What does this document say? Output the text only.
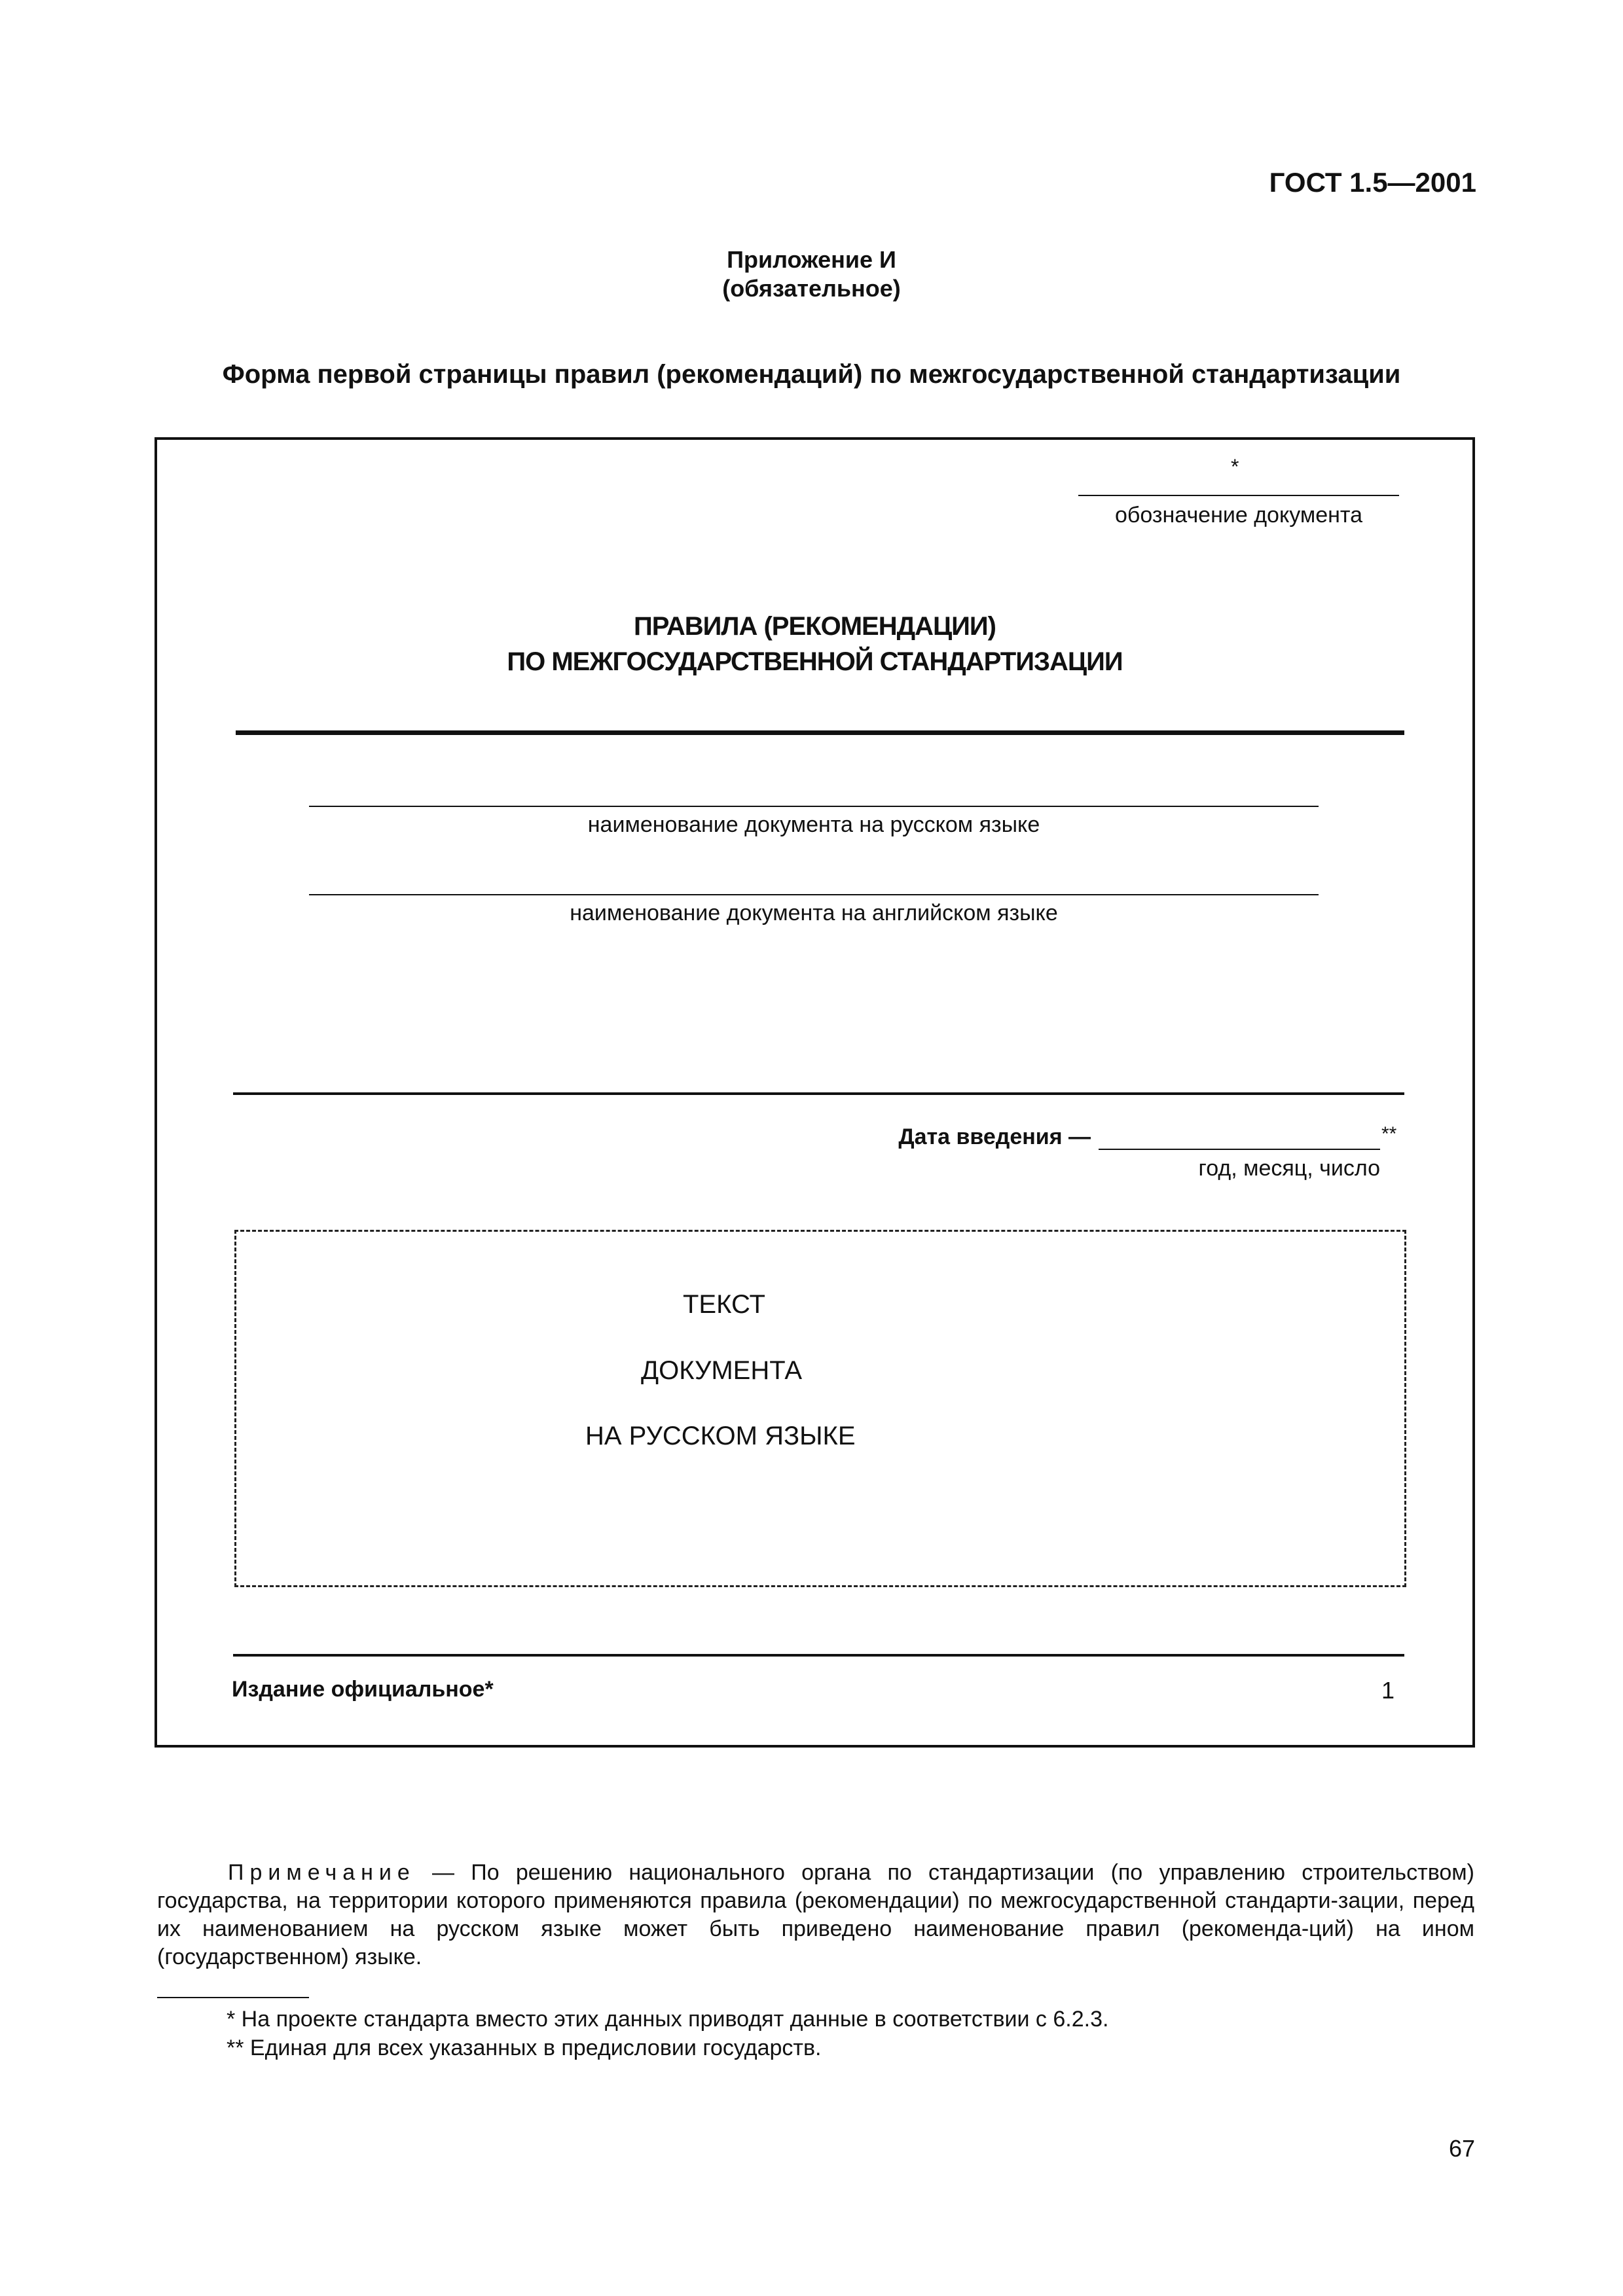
ГОСТ 1.5—2001
Приложение И
(обязательное)
Форма первой страницы правил (рекомендаций) по межгосударственной стандартизации
*
обозначение документа
ПРАВИЛА (РЕКОМЕНДАЦИИ)
ПО МЕЖГОСУДАРСТВЕННОЙ СТАНДАРТИЗАЦИИ
наименование документа на русском языке
наименование документа на английском языке
Дата введения —	**
год, месяц, число
ТЕКСТ
ДОКУМЕНТА
НА РУССКОМ ЯЗЫКЕ
Издание официальное*	1
Примечание — По решению национального органа по стандартизации (по управлению строительством) государства, на территории которого применяются правила (рекомендации) по межгосударственной стандарти-зации, перед их наименованием на русском языке может быть приведено наименование правил (рекоменда-ций) на ином (государственном) языке.
* На проекте стандарта вместо этих данных приводят данные в соответствии с 6.2.3.
** Единая для всех указанных в предисловии государств.
67
